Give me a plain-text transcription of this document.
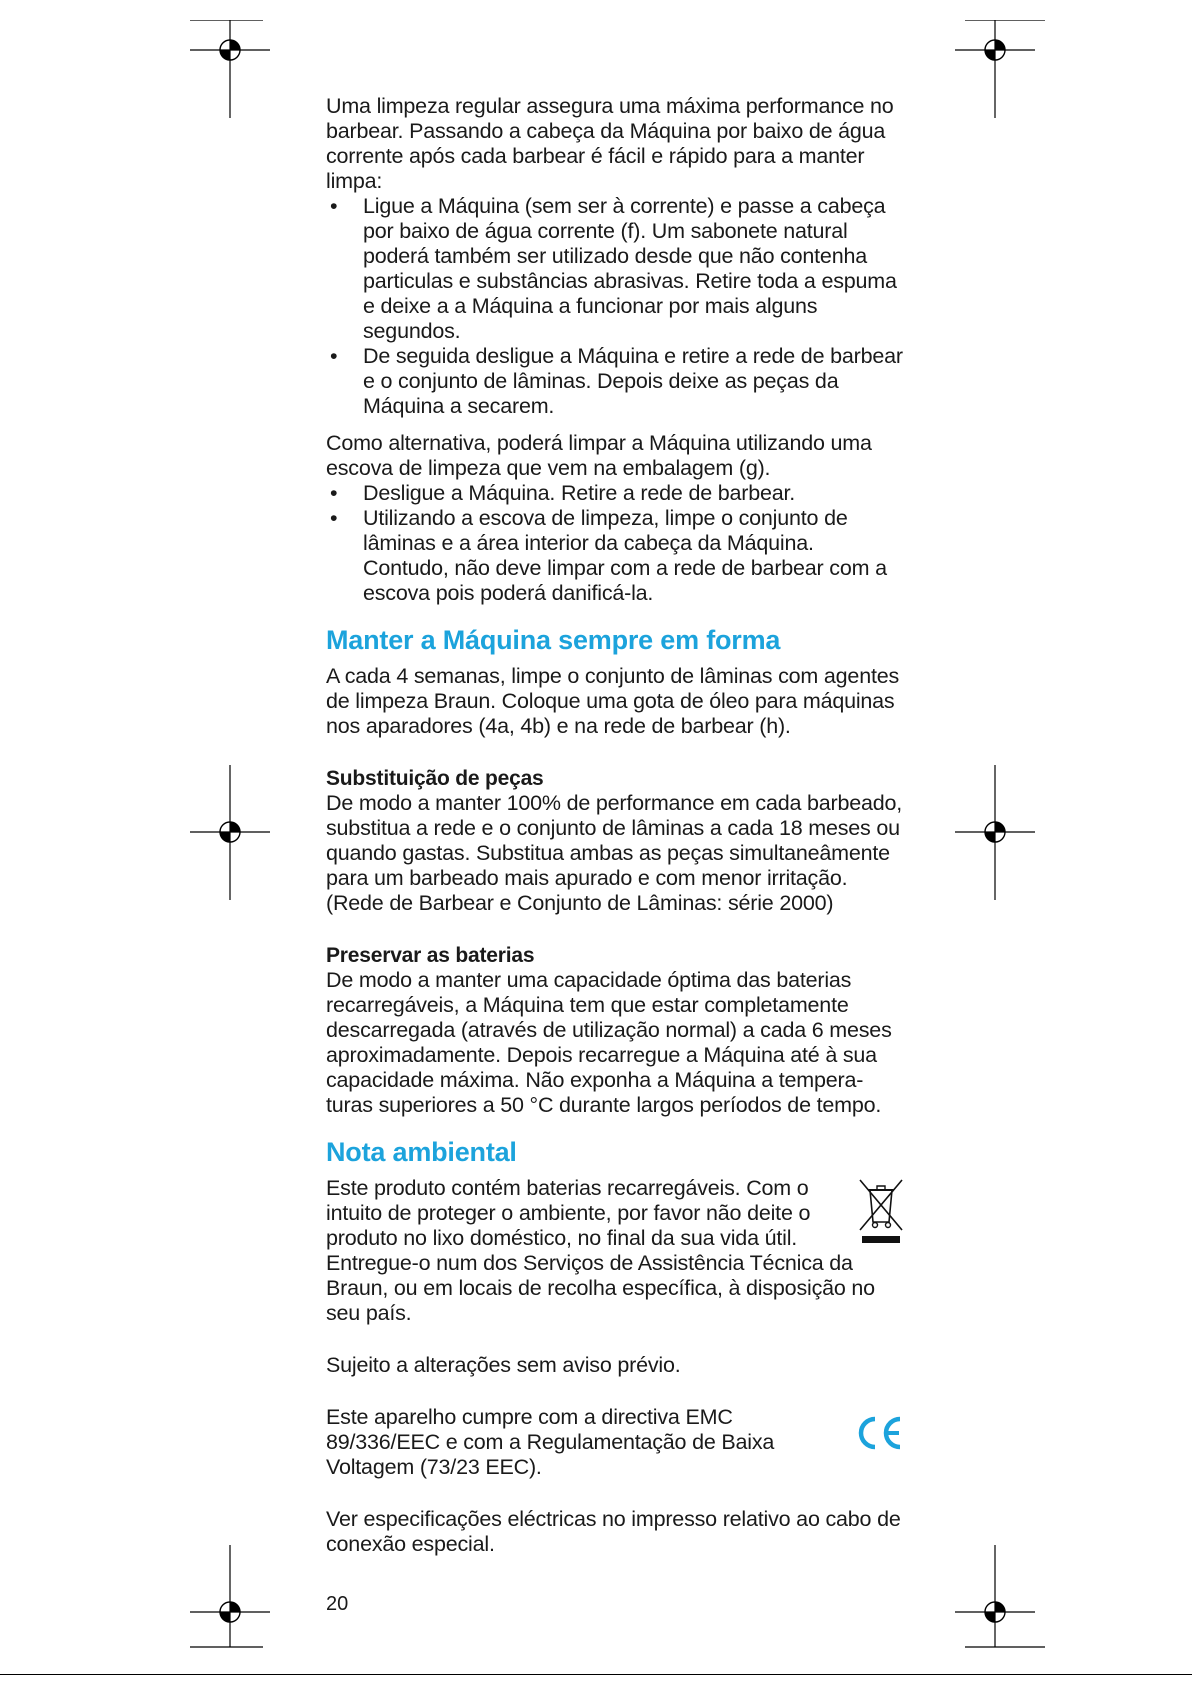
Uma limpeza regular assegura uma máxima performance no barbear. Passando a cabeça da Máquina por baixo de água corrente após cada barbear é fácil e rápido para a manter limpa:

• Ligue a Máquina (sem ser à corrente) e passe a cabeça por baixo de água corrente (f). Um sabonete natural poderá também ser utilizado desde que não contenha particulas e substâncias abrasivas. Retire toda a espuma e deixe a a Máquina a funcionar por mais alguns segundos.
• De seguida desligue a Máquina e retire a rede de barbear e o conjunto de lâminas. Depois deixe as peças da Máquina a secarem.

Como alternativa, poderá limpar a Máquina utilizando uma escova de limpeza que vem na embalagem (g).

• Desligue a Máquina. Retire a rede de barbear.
• Utilizando a escova de limpeza, limpe o conjunto de lâminas e a área interior da cabeça da Máquina. Contudo, não deve limpar com a rede de barbear com a escova pois poderá danificá-la.
Manter a Máquina sempre em forma

A cada 4 semanas, limpe o conjunto de lâminas com agentes de limpeza Braun. Coloque uma gota de óleo para máquinas nos aparadores (4a, 4b) e na rede de barbear (h).

Substituição de peças

De modo a manter 100% de performance em cada barbeado, substitua a rede e o conjunto de lâminas a cada 18 meses ou quando gastas. Substitua ambas as peças simultaneâmente para um barbeado mais apurado e com menor irritação.

(Rede de Barbear e Conjunto de Lâminas: série 2000)

Preservar as baterias

De modo a manter uma capacidade óptima das baterias recarregáveis, a Máquina tem que estar completamente descarregada (através de utilização normal) a cada 6 meses aproximadamente. Depois recarregue a Máquina até à sua capacidade máxima. Não exponha a Máquina a tempera- turas superiores a 50 °C durante largos períodos de tempo.

Nota ambiental

Este produto contém baterias recarregáveis. Com o

intuito de proteger o ambiente, por favor não deite o

produto no lixo doméstico, no final da sua vida útil.

Entregue-o num dos Serviços de Assistência Técnica da Braun, ou em locais de recolha específica, à disposição no seu país.

Sujeito a alterações sem aviso prévio.

Este aparelho cumpre com a directiva EMC

89/336/EEC e com a Regulamentação de Baixa

Voltagem (73/23 EEC).

Ver especificações eléctricas no impresso relativo ao cabo de conexão especial.

20
